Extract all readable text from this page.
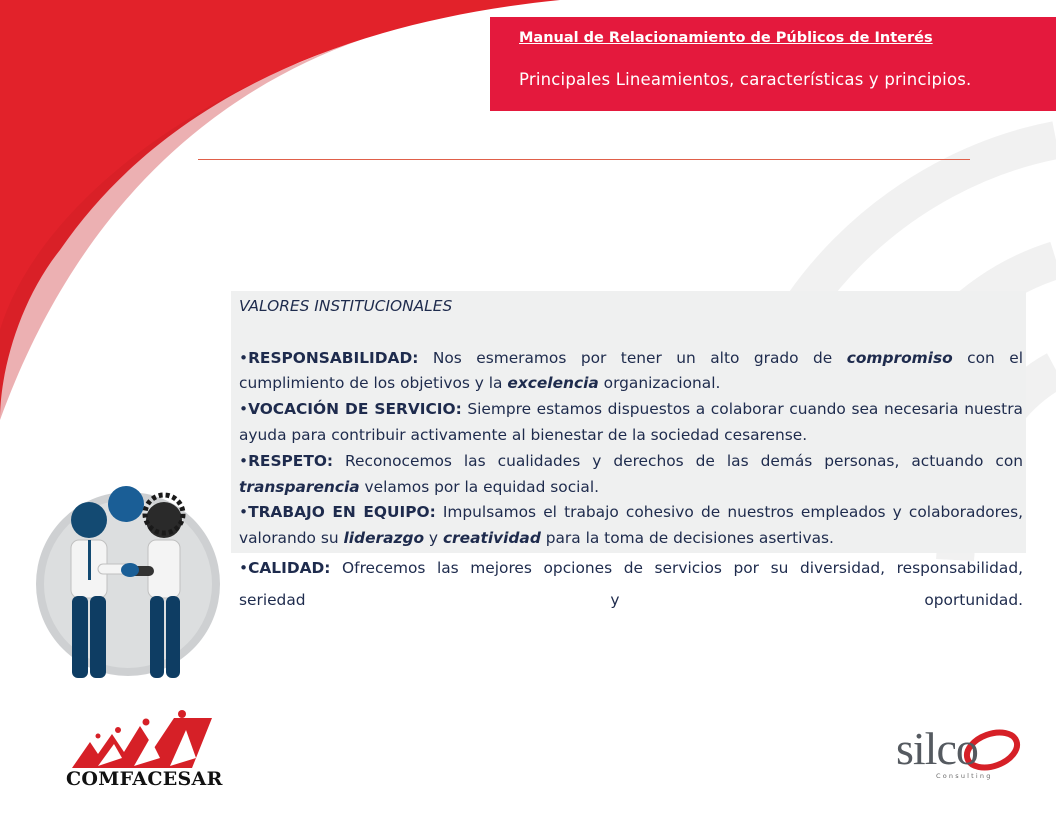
Manual de Relacionamiento de Públicos de Interés
Principales Lineamientos, características y principios.

VALORES INSTITUCIONALES

•RESPONSABILIDAD: Nos esmeramos por tener un alto grado de compromiso con el cumplimiento de los objetivos y la excelencia organizacional.

•VOCACIÓN DE SERVICIO: Siempre estamos dispuestos a colaborar cuando sea necesaria nuestra ayuda para contribuir activamente al bienestar de la sociedad cesarense.

•RESPETO: Reconocemos las cualidades y derechos de las demás personas, actuando con transparencia velamos por la equidad social.

•TRABAJO EN EQUIPO: Impulsamos el trabajo cohesivo de nuestros empleados y colaboradores, valorando su liderazgo y creatividad para la toma de decisiones asertivas.

•CALIDAD: Ofrecemos las mejores opciones de servicios por su diversidad, responsabilidad, seriedad y oportunidad.

COMFACESAR
silco
Consulting
